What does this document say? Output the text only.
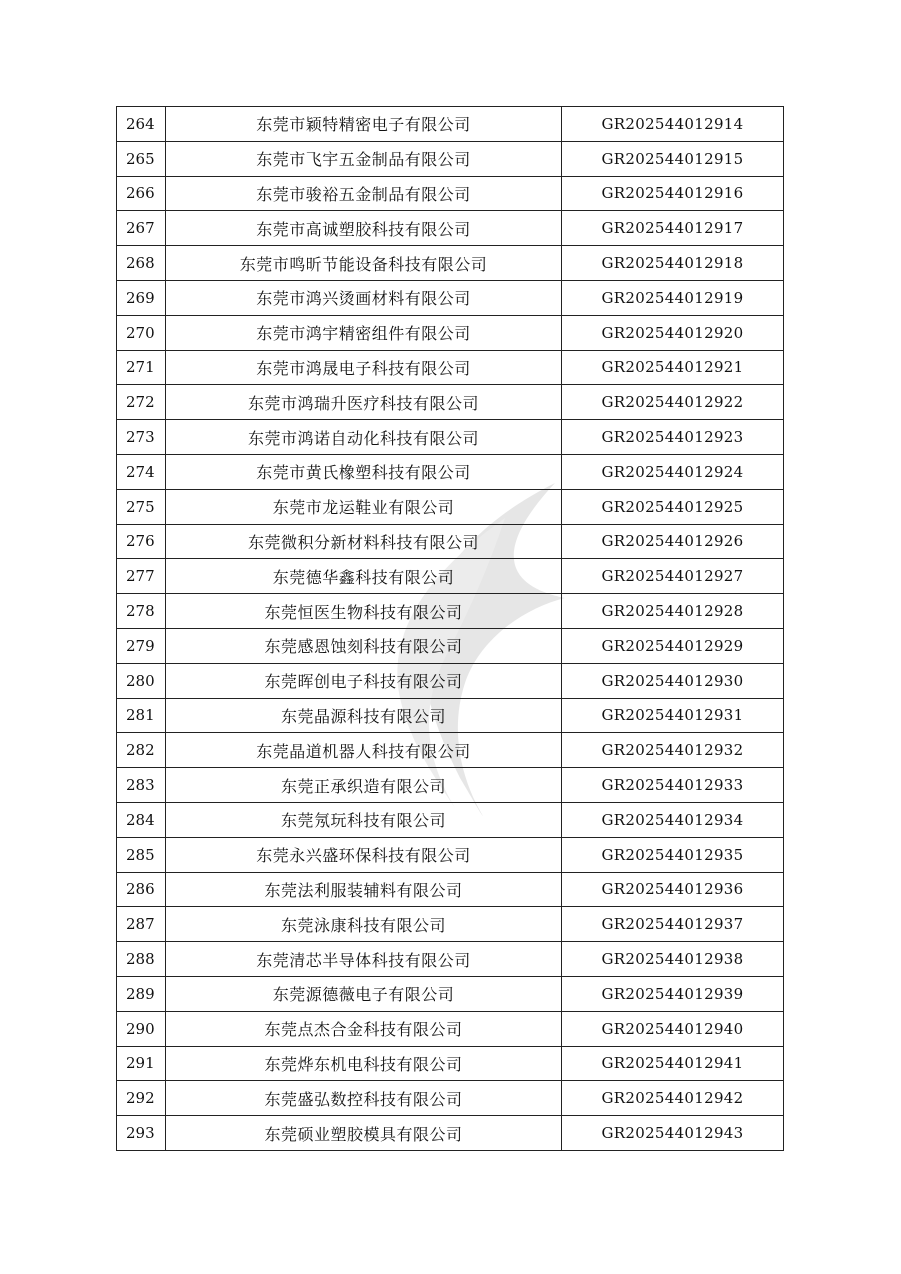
264	东莞市颖特精密电子有限公司	GR202544012914
265	东莞市飞宇五金制品有限公司	GR202544012915
266	东莞市骏裕五金制品有限公司	GR202544012916
267	东莞市高诚塑胶科技有限公司	GR202544012917
268	东莞市鸣昕节能设备科技有限公司	GR202544012918
269	东莞市鸿兴烫画材料有限公司	GR202544012919
270	东莞市鸿宇精密组件有限公司	GR202544012920
271	东莞市鸿晟电子科技有限公司	GR202544012921
272	东莞市鸿瑞升医疗科技有限公司	GR202544012922
273	东莞市鸿诺自动化科技有限公司	GR202544012923
274	东莞市黄氏橡塑科技有限公司	GR202544012924
275	东莞市龙运鞋业有限公司	GR202544012925
276	东莞微积分新材料科技有限公司	GR202544012926
277	东莞德华鑫科技有限公司	GR202544012927
278	东莞恒医生物科技有限公司	GR202544012928
279	东莞感恩蚀刻科技有限公司	GR202544012929
280	东莞晖创电子科技有限公司	GR202544012930
281	东莞晶源科技有限公司	GR202544012931
282	东莞晶道机器人科技有限公司	GR202544012932
283	东莞正承织造有限公司	GR202544012933
284	东莞氖玩科技有限公司	GR202544012934
285	东莞永兴盛环保科技有限公司	GR202544012935
286	东莞法利服装辅料有限公司	GR202544012936
287	东莞泳康科技有限公司	GR202544012937
288	东莞清芯半导体科技有限公司	GR202544012938
289	东莞源德薇电子有限公司	GR202544012939
290	东莞点杰合金科技有限公司	GR202544012940
291	东莞烨东机电科技有限公司	GR202544012941
292	东莞盛弘数控科技有限公司	GR202544012942
293	东莞硕业塑胶模具有限公司	GR202544012943
